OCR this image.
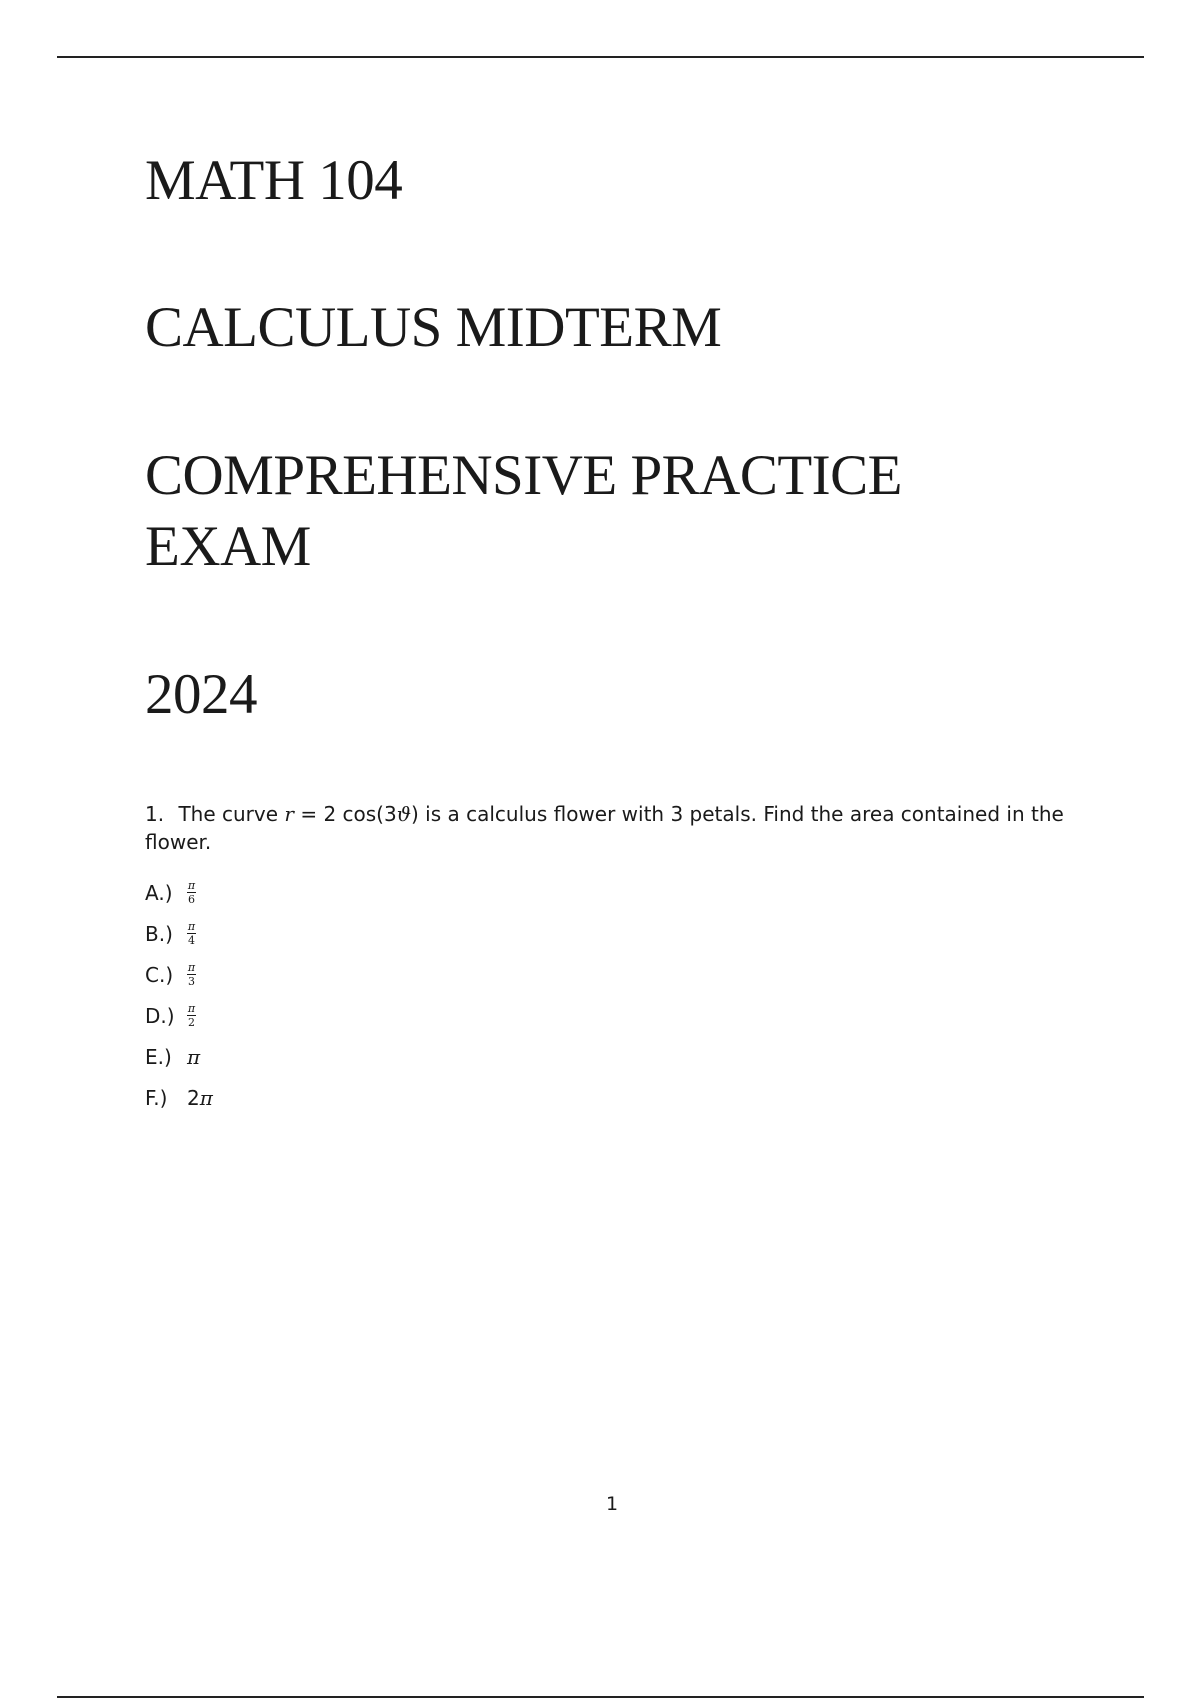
MATH 104
CALCULUS MIDTERM
COMPREHENSIVE PRACTICE
EXAM
2024
1. The curve r = 2 cos(3ϑ) is a calculus flower with 3 petals. Find the area contained in the flower.
A.)	$\frac{\pi}{6}$
B.)	$\frac{\pi}{4}$
C.)	$\frac{\pi}{3}$
D.)	$\frac{\pi}{2}$
E.) π
F.) 2π
1
